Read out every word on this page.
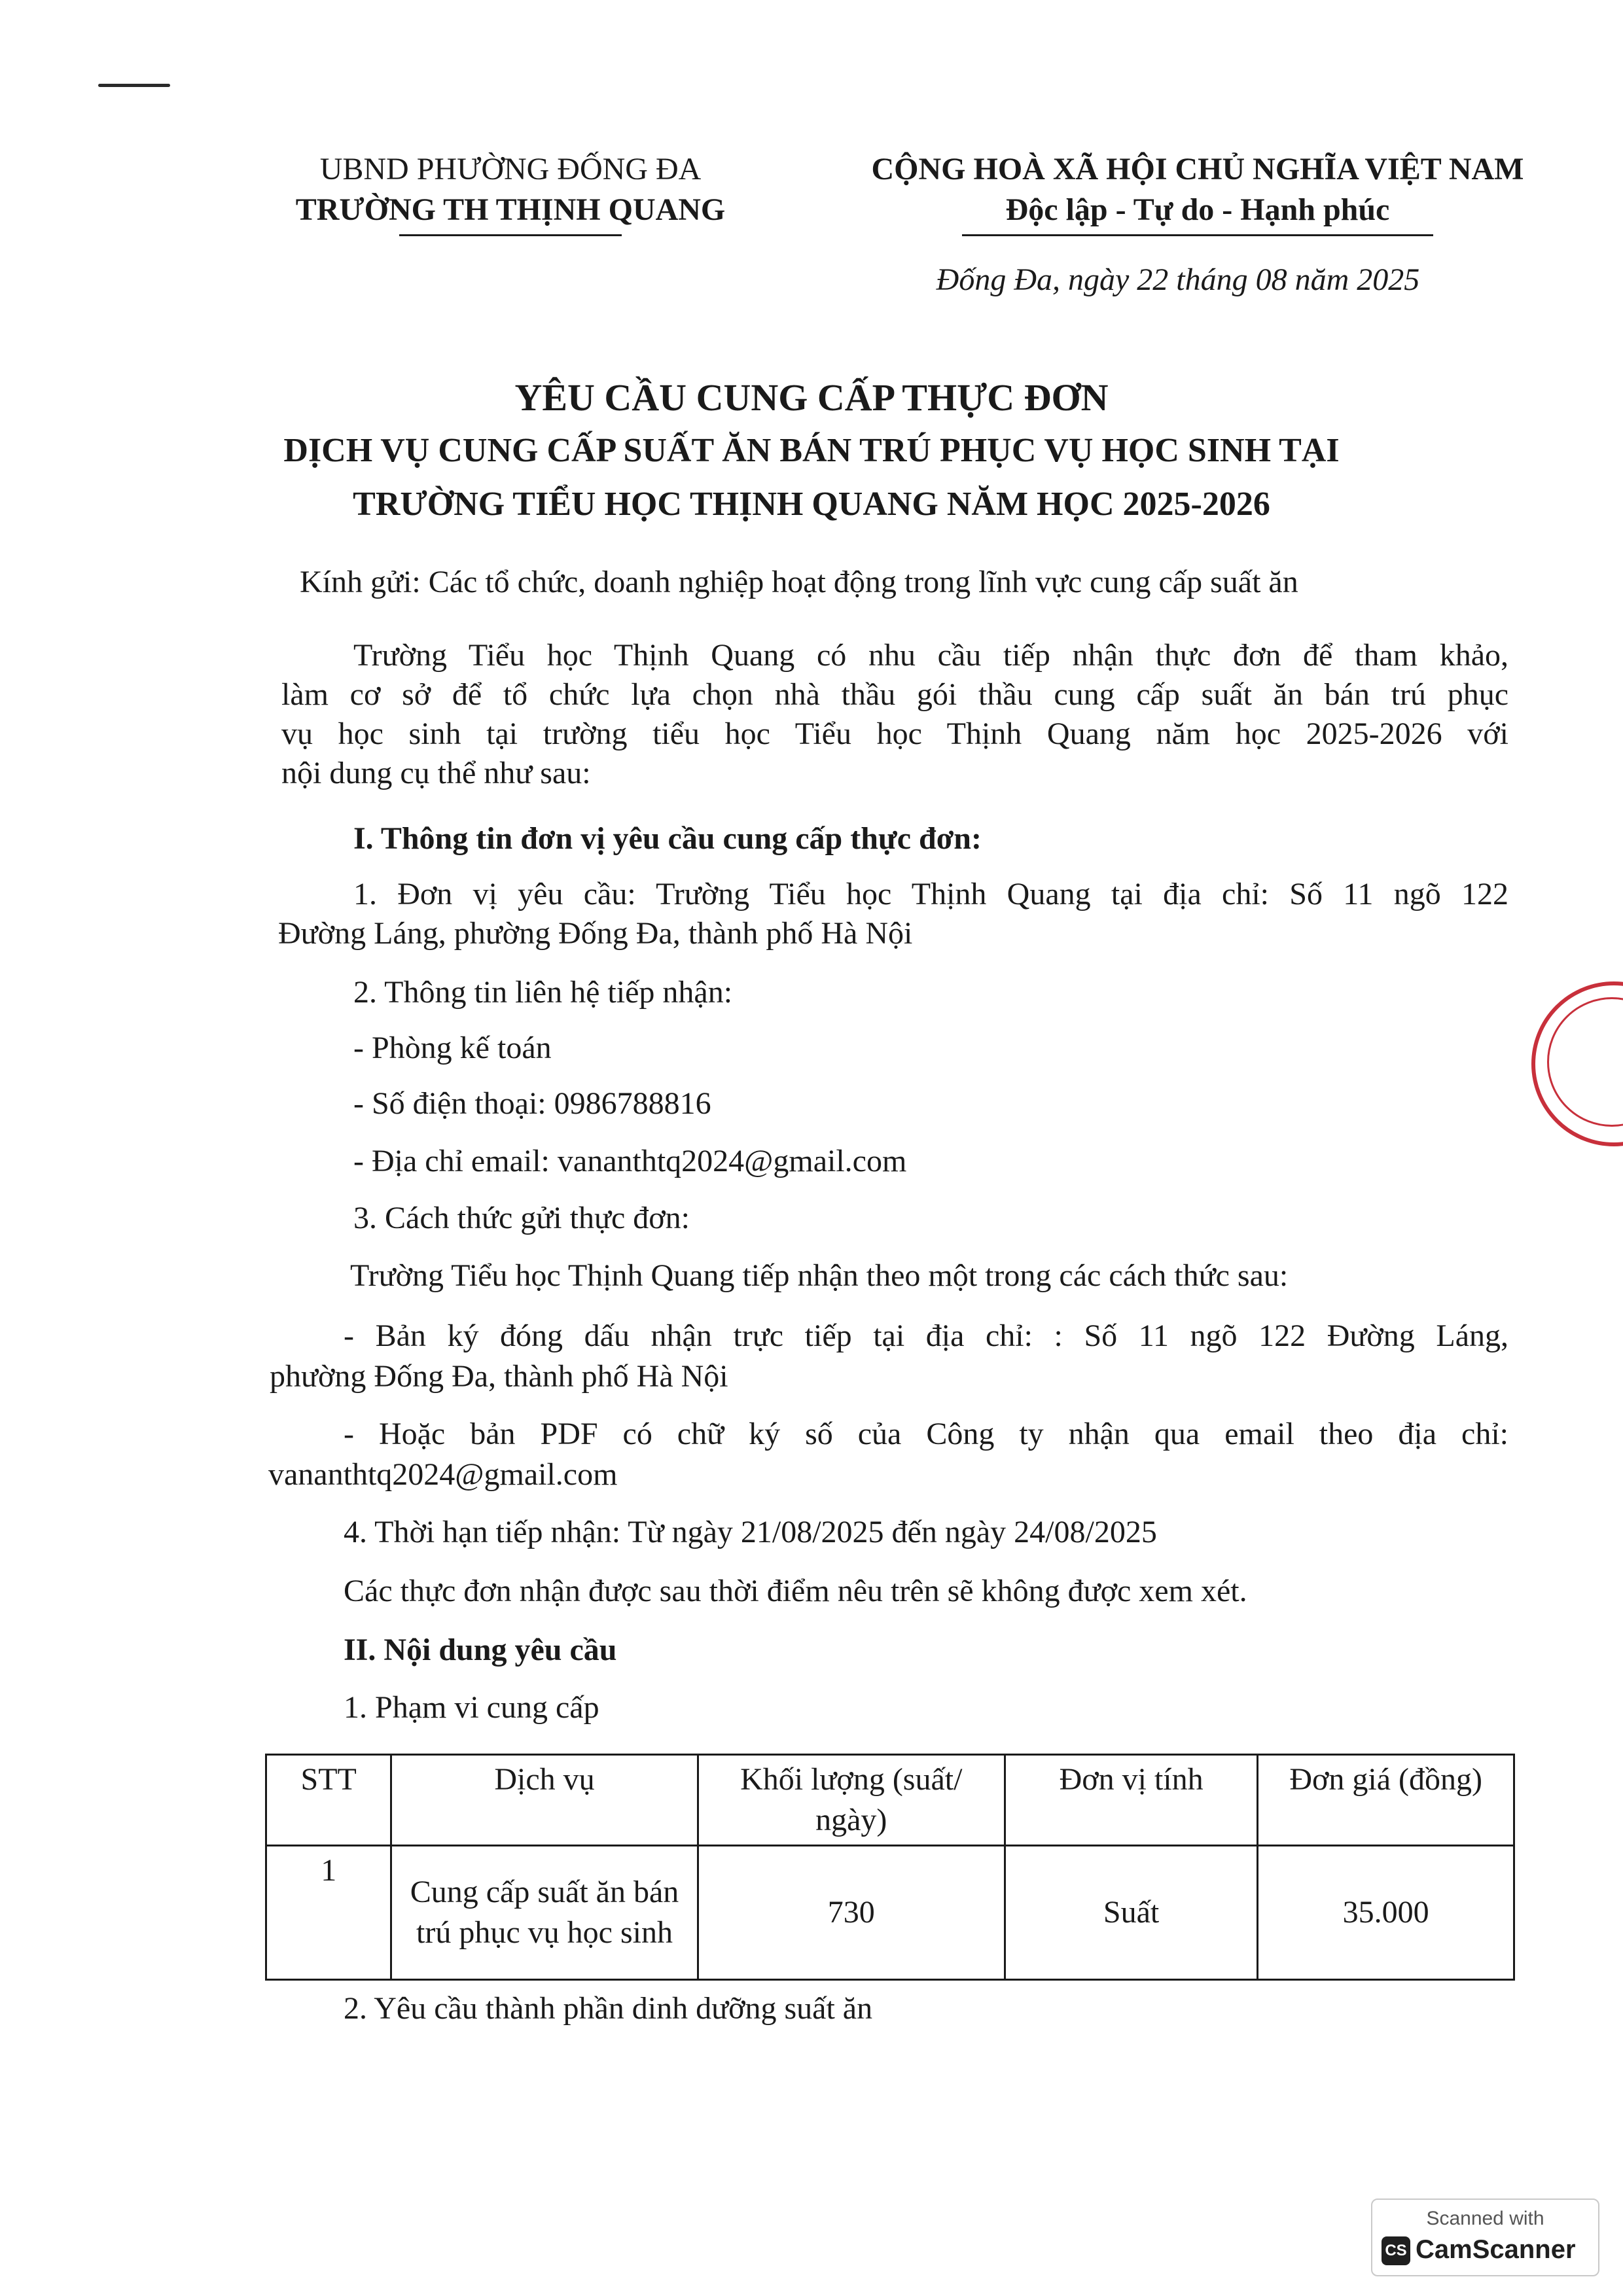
UBND PHƯỜNG ĐỐNG ĐA
TRƯỜNG TH THỊNH QUANG
CỘNG HOÀ XÃ HỘI CHỦ NGHĨA VIỆT NAM
Độc lập - Tự do - Hạnh phúc
Đống Đa, ngày 22 tháng 08 năm 2025
YÊU CẦU CUNG CẤP THỰC ĐƠN
DỊCH VỤ CUNG CẤP SUẤT ĂN BÁN TRÚ PHỤC VỤ HỌC SINH TẠI
TRƯỜNG TIỂU HỌC THỊNH QUANG NĂM HỌC 2025-2026
Kính gửi: Các tổ chức, doanh nghiệp hoạt động trong lĩnh vực cung cấp suất ăn
Trường Tiểu học Thịnh Quang có nhu cầu tiếp nhận thực đơn để tham khảo,
làm cơ sở để tổ chức lựa chọn nhà thầu gói thầu cung cấp suất ăn bán trú phục
vụ học sinh tại trường tiểu học Tiểu học Thịnh Quang năm học 2025-2026 với
nội dung cụ thể như sau:
I. Thông tin đơn vị yêu cầu cung cấp thực đơn:
1. Đơn vị yêu cầu: Trường Tiểu học Thịnh Quang tại địa chỉ: Số 11 ngõ 122
Đường Láng, phường Đống Đa, thành phố Hà Nội
2. Thông tin liên hệ tiếp nhận:
- Phòng kế toán
- Số điện thoại: 0986788816
- Địa chỉ email: vananthtq2024@gmail.com
3. Cách thức gửi thực đơn:
Trường Tiểu học Thịnh Quang tiếp nhận theo một trong các cách thức sau:
- Bản ký đóng dấu nhận trực tiếp tại địa chỉ: : Số 11 ngõ 122 Đường Láng,
phường Đống Đa, thành phố Hà Nội
- Hoặc bản PDF có chữ ký số của Công ty nhận qua email theo địa chỉ:
vananthtq2024@gmail.com
4. Thời hạn tiếp nhận: Từ ngày 21/08/2025 đến ngày 24/08/2025
Các thực đơn nhận được sau thời điểm nêu trên sẽ không được xem xét.
II. Nội dung yêu cầu
1. Phạm vi cung cấp
STT	Dịch vụ	Khối lượng (suất/ ngày)	Đơn vị tính	Đơn giá (đồng)
1	Cung cấp suất ăn bán trú phục vụ học sinh	730	Suất	35.000
2. Yêu cầu thành phần dinh dưỡng suất ăn
Scanned with
CS CamScanner
